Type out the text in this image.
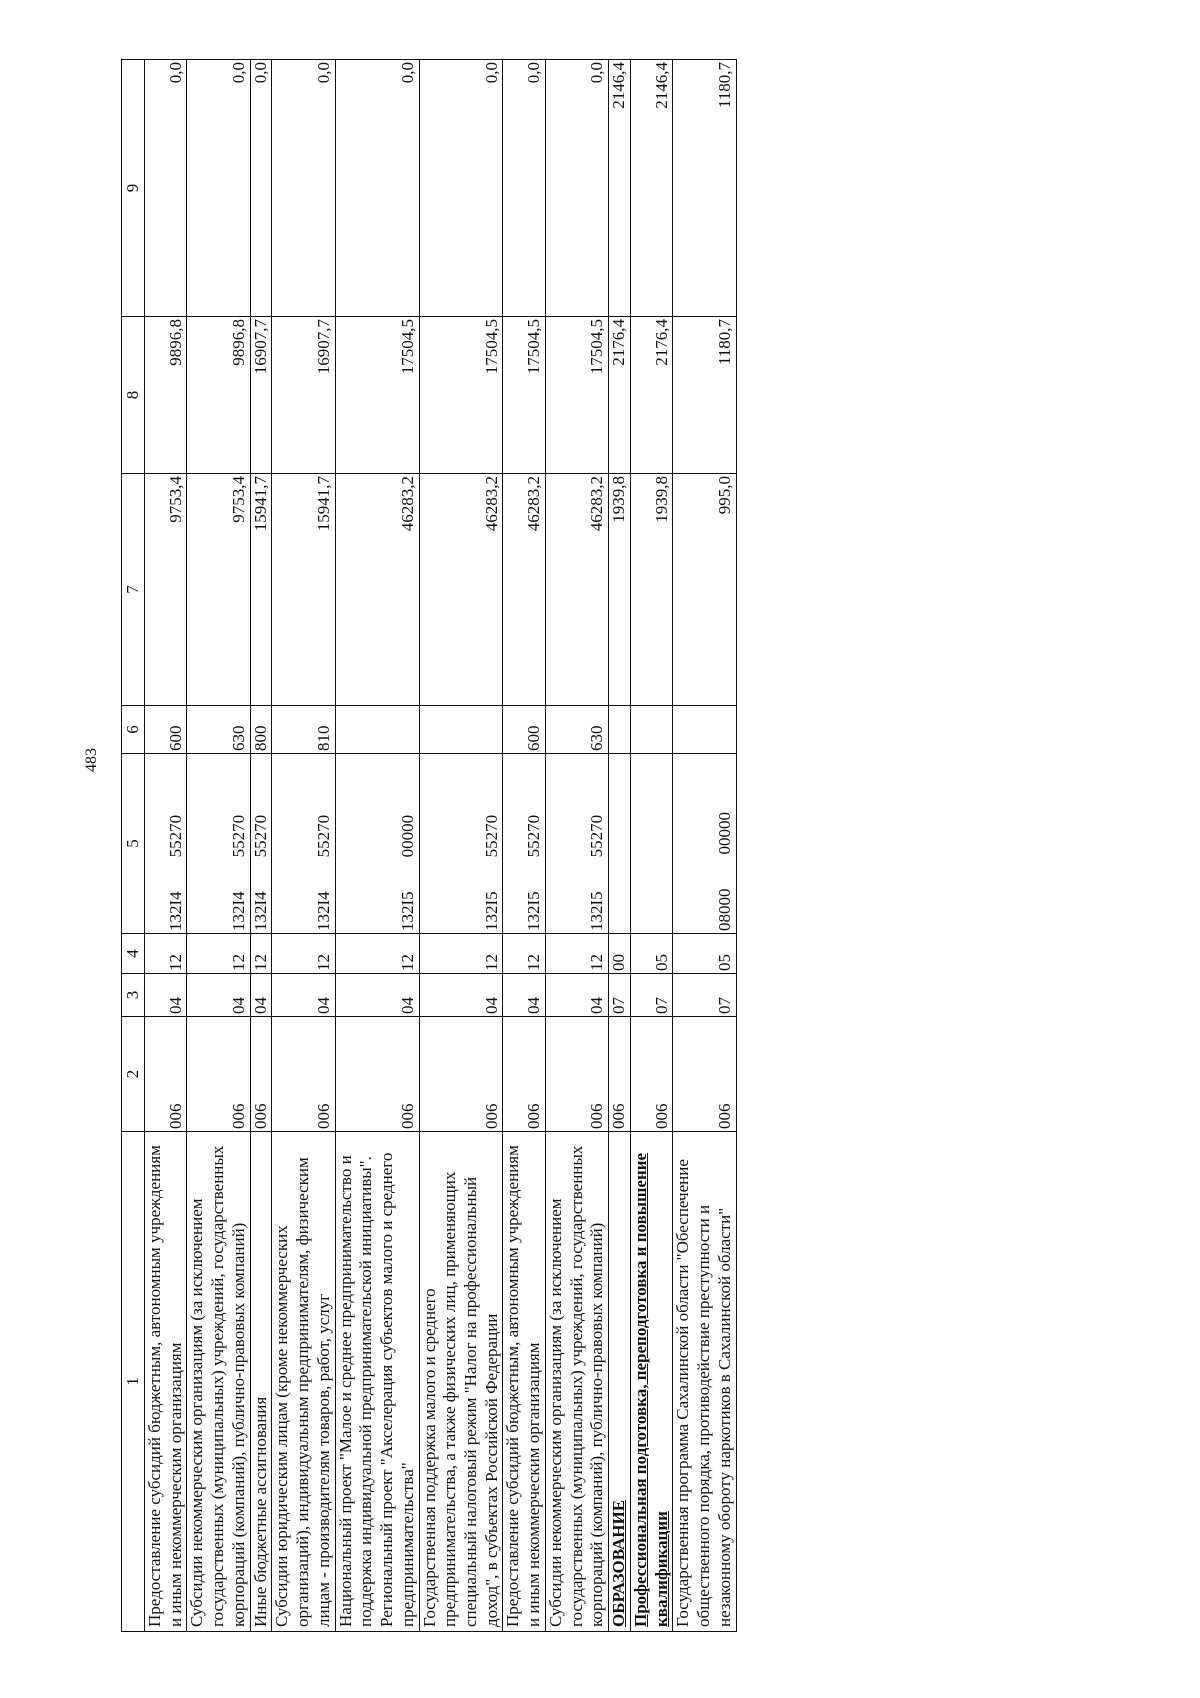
483
1	2	3	4	5	6	7	8	9
Предоставление субсидий бюджетным, автономным учреждениям и иным некоммерческим организациям	006	04	12	132I455270	600	9753,4	9896,8	0,0
Субсидии некоммерческим организациям (за исключением государственных (муниципальных) учреждений, государственных корпораций (компаний), публично-правовых компаний)	006	04	12	132I455270	630	9753,4	9896,8	0,0
Иные бюджетные ассигнования	006	04	12	132I455270	800	15941,7	16907,7	0,0
Субсидии юридическим лицам (кроме некоммерческих организаций), индивидуальным предпринимателям, физическим лицам - производителям товаров, работ, услуг	006	04	12	132I455270	810	15941,7	16907,7	0,0
Национальный проект "Малое и среднее предпринимательство и поддержка индивидуальной предпринимательской инициативы". Региональный проект "Акселерация субъектов малого и среднего предпринимательства"	006	04	12	132I500000		46283,2	17504,5	0,0
Государственная поддержка малого и среднего предпринимательства, а также физических лиц, применяющих специальный налоговый режим "Налог на профессиональный доход", в субъектах Российской Федерации	006	04	12	132I555270		46283,2	17504,5	0,0
Предоставление субсидий бюджетным, автономным учреждениям и иным некоммерческим организациям	006	04	12	132I555270	600	46283,2	17504,5	0,0
Субсидии некоммерческим организациям (за исключением государственных (муниципальных) учреждений, государственных корпораций (компаний), публично-правовых компаний)	006	04	12	132I555270	630	46283,2	17504,5	0,0
ОБРАЗОВАНИЕ	006	07	00			1939,8	2176,4	2146,4
Профессиональная подготовка, переподготовка и повышение квалификации	006	07	05			1939,8	2176,4	2146,4
Государственная программа Сахалинской области "Обеспечение общественного порядка, противодействие преступности и незаконному обороту наркотиков в Сахалинской области"	006	07	05	0800000000		995,0	1180,7	1180,7
